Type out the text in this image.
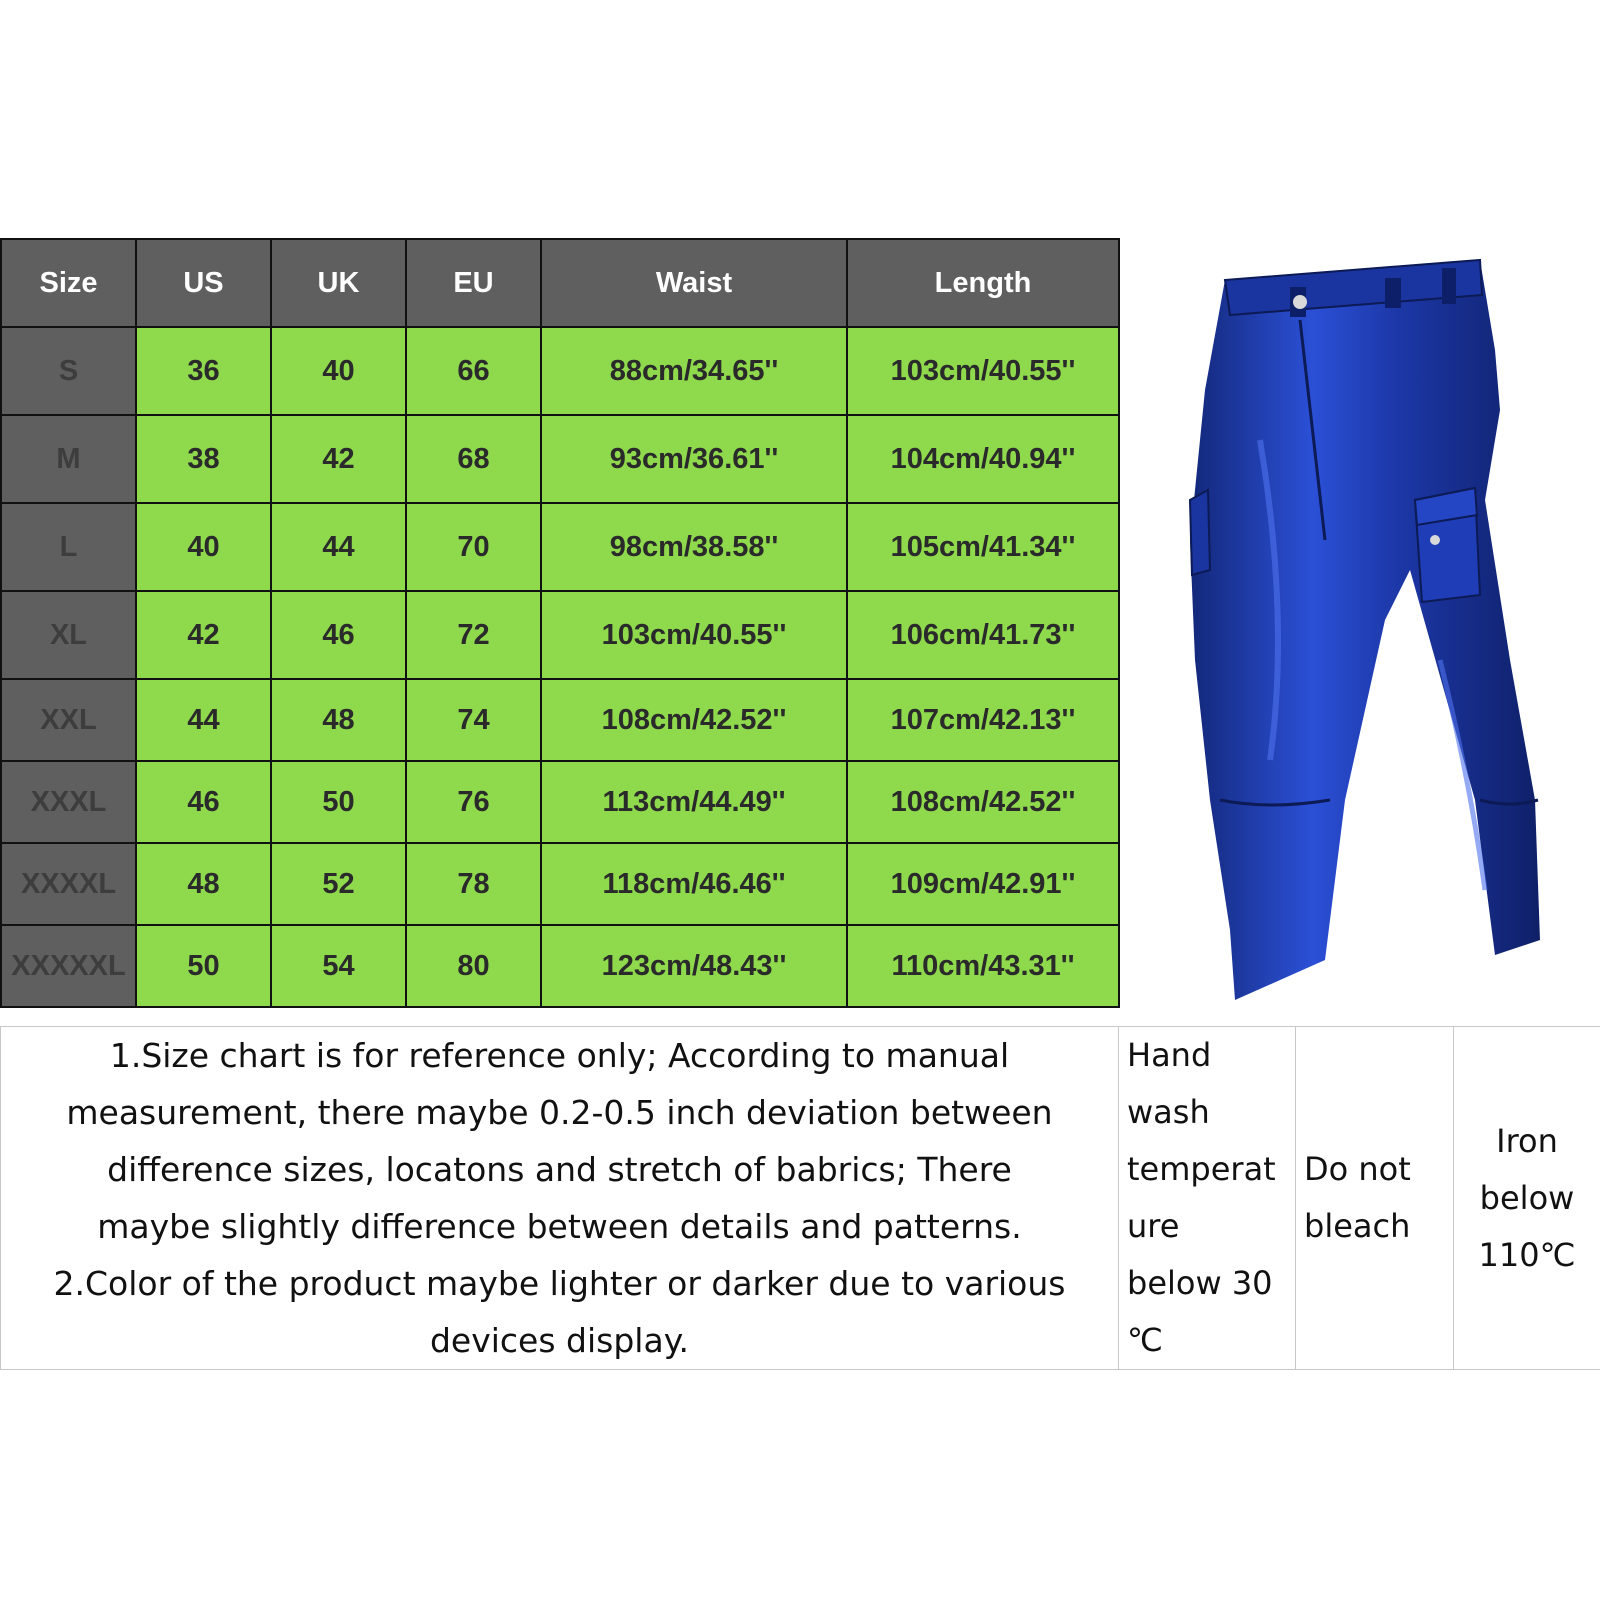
Size	US	UK	EU	Waist	Length
S	36	40	66	88cm/34.65''	103cm/40.55''
M	38	42	68	93cm/36.61''	104cm/40.94''
L	40	44	70	98cm/38.58''	105cm/41.34''
XL	42	46	72	103cm/40.55''	106cm/41.73''
XXL	44	48	74	108cm/42.52''	107cm/42.13''
XXXL	46	50	76	113cm/44.49''	108cm/42.52''
XXXXL	48	52	78	118cm/46.46''	109cm/42.91''
XXXXXL	50	54	80	123cm/48.43''	110cm/43.31''
1.Size chart is for reference only; According to manual
measurement, there maybe 0.2-0.5 inch deviation between
difference sizes, locatons and stretch of babrics; There
maybe slightly difference between details and patterns.
2.Color of the product maybe lighter or darker due to various
devices display.

Hand
wash
temperat
ure
below 30
℃

Do not
bleach

Iron
below
110℃
